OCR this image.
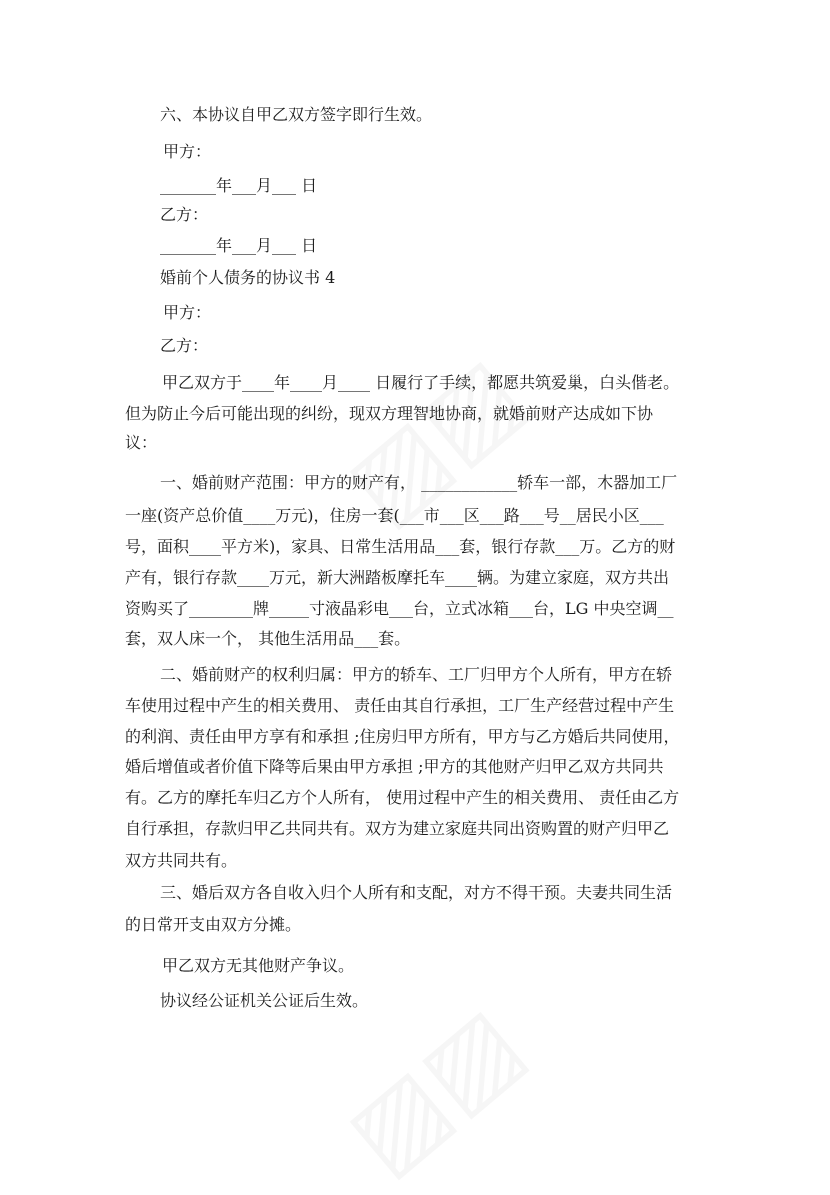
六、本协议自甲乙双方签字即行生效。
甲方：
_______年___月___ 日
乙方：
_______年___月___ 日
婚前个人债务的协议书 4
甲方：
乙方：
甲乙双方于____年____月____ 日履行了手续，都愿共筑爱巢，白头偕老。
但为防止今后可能出现的纠纷，现双方理智地协商，就婚前财产达成如下协
议：
一、婚前财产范围：甲方的财产有， ____________轿车一部，木器加工厂
一座(资产总价值____万元)，住房一套(___市___区___路___号__居民小区___
号，面积____平方米)，家具、日常生活用品___套，银行存款___万。乙方的财
产有，银行存款____万元，新大洲踏板摩托车____辆。为建立家庭，双方共出
资购买了________牌_____寸液晶彩电___台，立式冰箱___台，LG 中央空调__
套，双人床一个， 其他生活用品___套。
二、婚前财产的权利归属：甲方的轿车、工厂归甲方个人所有，甲方在轿
车使用过程中产生的相关费用、 责任由其自行承担，工厂生产经营过程中产生
的利润、责任由甲方享有和承担 ;住房归甲方所有，甲方与乙方婚后共同使用，
婚后增值或者价值下降等后果由甲方承担 ;甲方的其他财产归甲乙双方共同共
有。乙方的摩托车归乙方个人所有， 使用过程中产生的相关费用、 责任由乙方
自行承担，存款归甲乙共同共有。双方为建立家庭共同出资购置的财产归甲乙
双方共同共有。
三、婚后双方各自收入归个人所有和支配，对方不得干预。夫妻共同生活
的日常开支由双方分摊。
甲乙双方无其他财产争议。
协议经公证机关公证后生效。
